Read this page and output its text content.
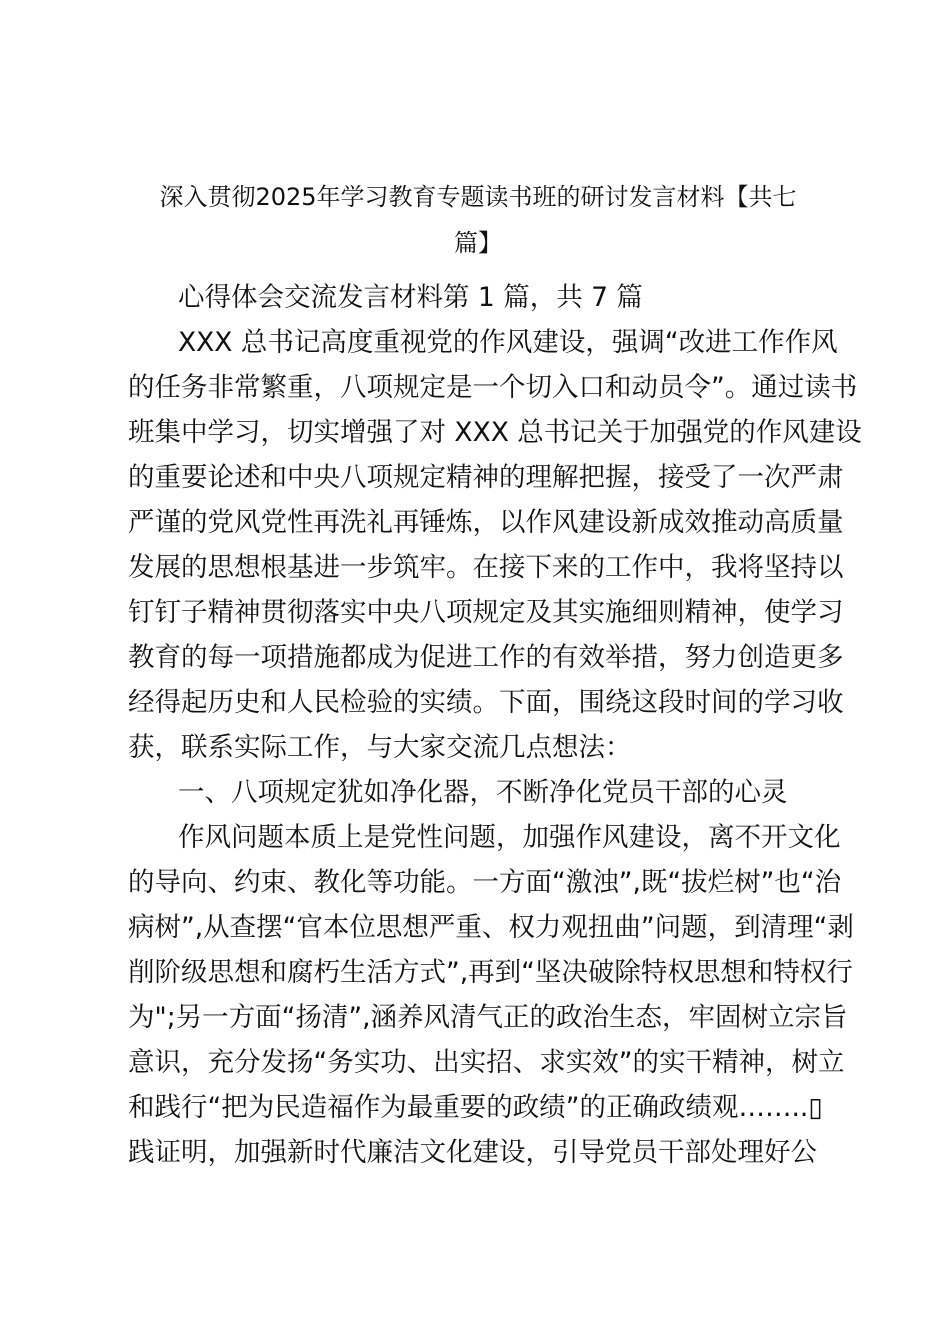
深入贯彻2025年学习教育专题读书班的研讨发言材料【共七
篇】

心得体会交流发言材料第 1 篇，共 7 篇

XXX 总书记高度重视党的作风建设，强调“改进工作作风

的任务非常繁重，八项规定是一个切入口和动员令”。通过读书

班集中学习，切实增强了对 XXX 总书记关于加强党的作风建设

的重要论述和中央八项规定精神的理解把握，接受了一次严肃

严谨的党风党性再洗礼再锤炼，以作风建设新成效推动高质量

发展的思想根基进一步筑牢。在接下来的工作中，我将坚持以

钉钉子精神贯彻落实中央八项规定及其实施细则精神，使学习

教育的每一项措施都成为促进工作的有效举措，努力创造更多

经得起历史和人民检验的实绩。下面，围绕这段时间的学习收

获，联系实际工作，与大家交流几点想法：

一、八项规定犹如净化器，不断净化党员干部的心灵

作风问题本质上是党性问题，加强作风建设，离不开文化

的导向、约束、教化等功能。一方面“激浊”,既“拔烂树”也“治

病树”,从查摆“官本位思想严重、权力观扭曲”问题，到清理“剥

削阶级思想和腐朽生活方式”,再到“坚决破除特权思想和特权行

为";另一方面“扬清”,涵养风清气正的政治生态，牢固树立宗旨

意识，充分发扬“务实功、出实招、求实效”的实干精神，树立

和践行“把为民造福作为最重要的政绩”的正确政绩观……..▯

践证明，加强新时代廉洁文化建设，引导党员干部处理好公
